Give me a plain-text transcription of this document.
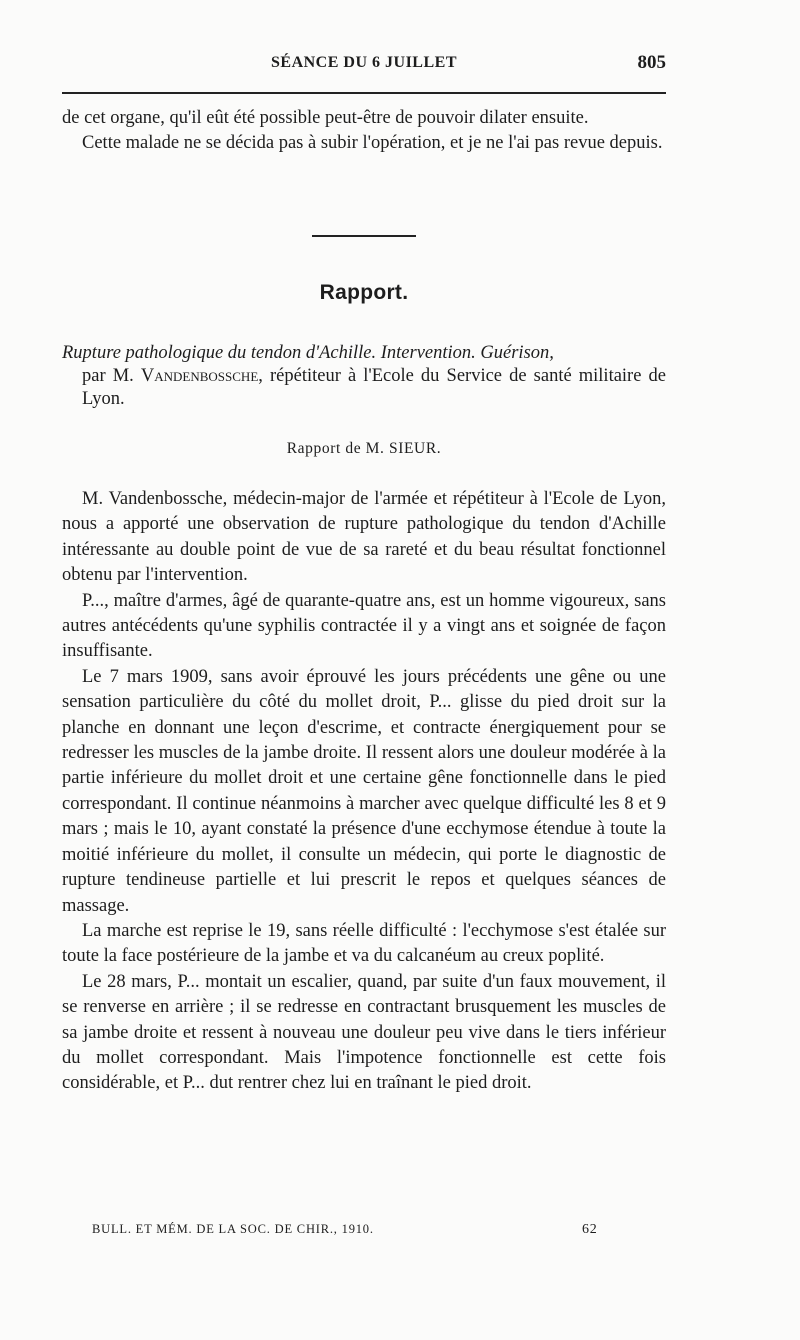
SÉANCE DU 6 JUILLET	805

de cet organe, qu'il eût été possible peut-être de pouvoir dilater ensuite.

Cette malade ne se décida pas à subir l'opération, et je ne l'ai pas revue depuis.

Rapport.
Rupture pathologique du tendon d'Achille. Intervention. Guérison,
par M. Vandenbossche, répétiteur à l'Ecole du Service de santé militaire de Lyon.
Rapport de M. SIEUR.

M. Vandenbossche, médecin-major de l'armée et répétiteur à l'Ecole de Lyon, nous a apporté une observation de rupture pathologique du tendon d'Achille intéressante au double point de vue de sa rareté et du beau résultat fonctionnel obtenu par l'intervention.

P..., maître d'armes, âgé de quarante-quatre ans, est un homme vigoureux, sans autres antécédents qu'une syphilis contractée il y a vingt ans et soignée de façon insuffisante.

Le 7 mars 1909, sans avoir éprouvé les jours précédents une gêne ou une sensation particulière du côté du mollet droit, P... glisse du pied droit sur la planche en donnant une leçon d'escrime, et contracte énergiquement pour se redresser les muscles de la jambe droite. Il ressent alors une douleur modérée à la partie inférieure du mollet droit et une certaine gêne fonctionnelle dans le pied correspondant. Il continue néanmoins à marcher avec quelque difficulté les 8 et 9 mars ; mais le 10, ayant constaté la présence d'une ecchymose étendue à toute la moitié inférieure du mollet, il consulte un médecin, qui porte le diagnostic de rupture tendineuse partielle et lui prescrit le repos et quelques séances de massage.

La marche est reprise le 19, sans réelle difficulté : l'ecchymose s'est étalée sur toute la face postérieure de la jambe et va du calcanéum au creux poplité.

Le 28 mars, P... montait un escalier, quand, par suite d'un faux mouvement, il se renverse en arrière ; il se redresse en contractant brusquement les muscles de sa jambe droite et ressent à nouveau une douleur peu vive dans le tiers inférieur du mollet correspondant. Mais l'impotence fonctionnelle est cette fois considérable, et P... dut rentrer chez lui en traînant le pied droit.

BULL. ET MÉM. DE LA SOC. DE CHIR., 1910.	62
